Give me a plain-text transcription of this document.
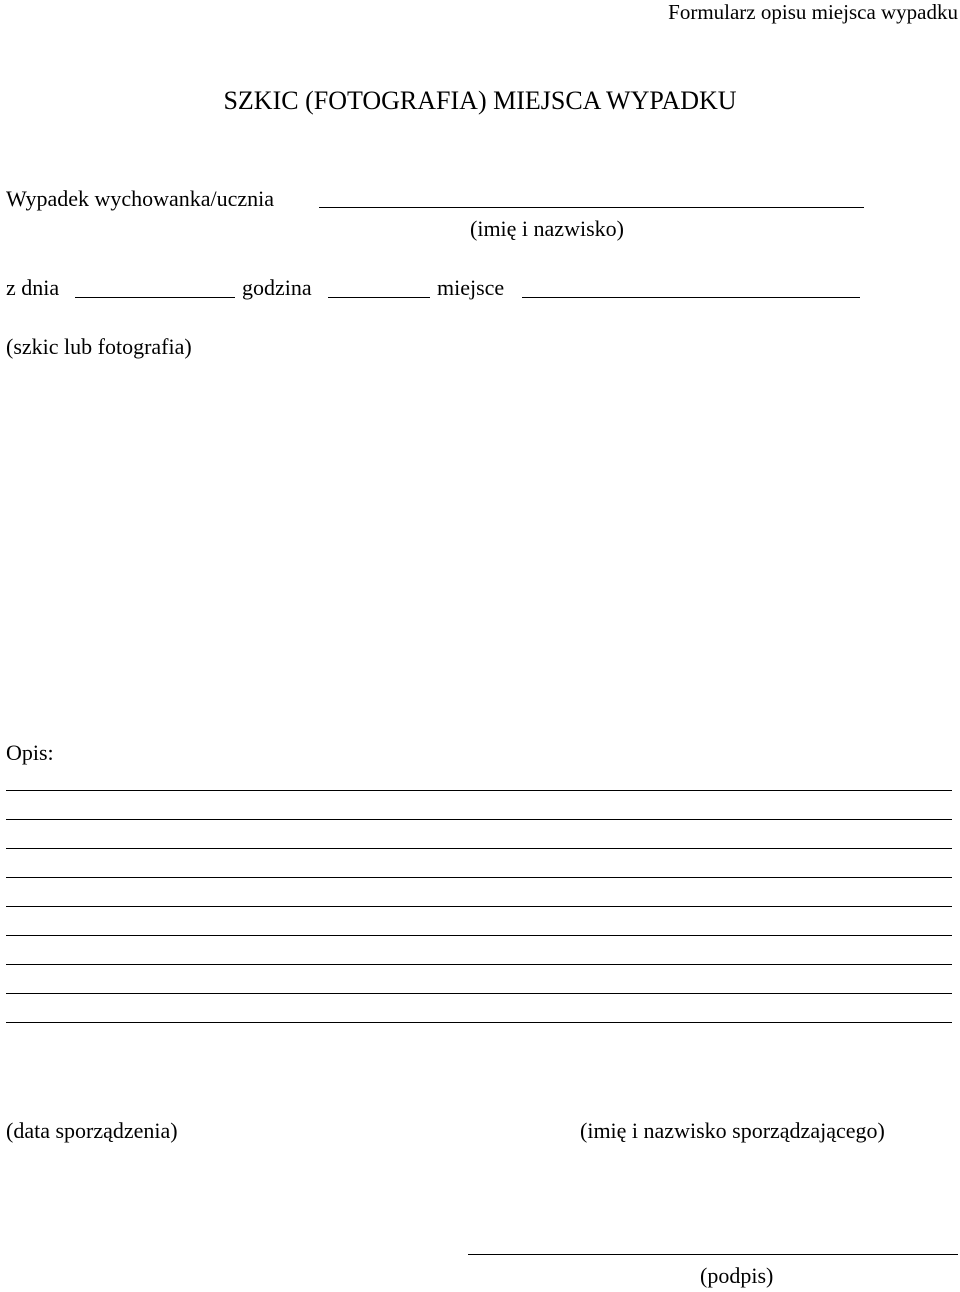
Formularz opisu miejsca wypadku
SZKIC (FOTOGRAFIA) MIEJSCA WYPADKU
Wypadek wychowanka/ucznia
(imię i nazwisko)
z dnia	godzina	miejsce
(szkic lub fotografia)
Opis:
(data sporządzenia)	(imię i nazwisko sporządzającego)
(podpis)
